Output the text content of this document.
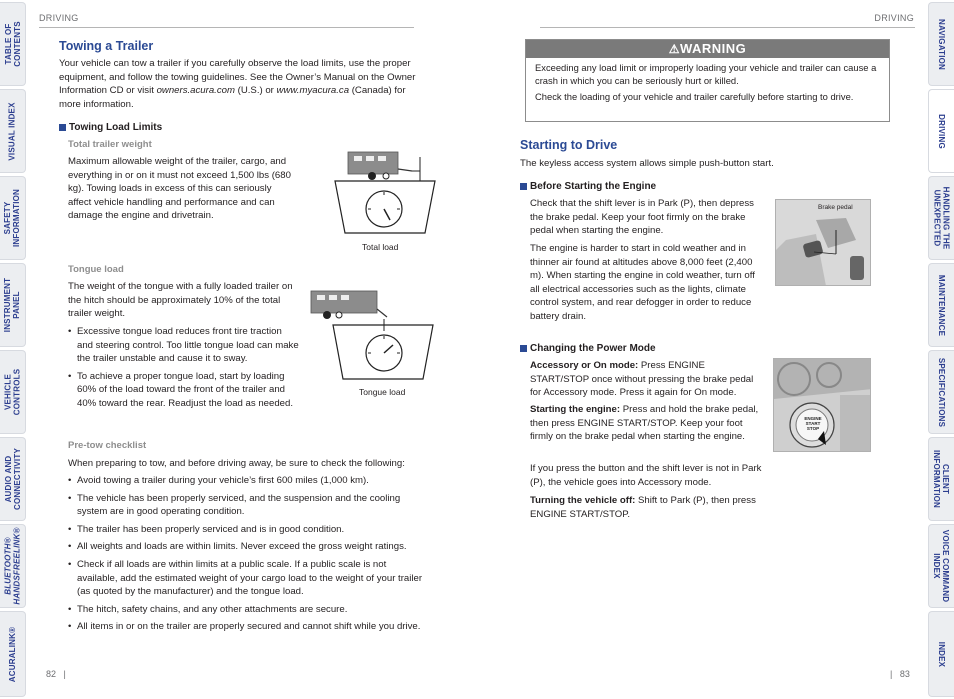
TABLE OF
CONTENTS
VISUAL INDEX
SAFETY
INFORMATION
INSTRUMENT
PANEL
VEHICLE
CONTROLS
AUDIO AND
CONNECTIVITY
BLUETOOTH®
HANDSFREELINK®
ACURALINK®
NAVIGATION
DRIVING
HANDLING THE
UNEXPECTED
MAINTENANCE
SPECIFICATIONS
CLIENT
INFORMATION
VOICE COMMAND
INDEX
INDEX
DRIVING	DRIVING
Towing a Trailer

Your vehicle can tow a trailer if you carefully observe the load limits, use the proper equipment, and follow the towing guidelines. See the Owner’s Manual on the Owner Information CD or visit owners.acura.com (U.S.) or www.myacura.ca (Canada) for more information.

Towing Load Limits
Total trailer weight

Maximum allowable weight of the trailer, cargo, and everything in or on it must not exceed 1,500 lbs (680 kg). Towing loads in excess of this can seriously affect vehicle handling and performance and can damage the engine and drivetrain.

Total load
Tongue load

The weight of the tongue with a fully loaded trailer on the hitch should be approximately 10% of the total trailer weight.

• Excessive tongue load reduces front tire traction and steering control. Too little tongue load can make the trailer unstable and cause it to sway.
• To achieve a proper tongue load, start by loading 60% of the load toward the front of the trailer and 40% toward the rear. Readjust the load as needed.
Tongue load
Pre-tow checklist

When preparing to tow, and before driving away, be sure to check the following:

• Avoid towing a trailer during your vehicle’s first 600 miles (1,000 km).
• The vehicle has been properly serviced, and the suspension and the cooling system are in good operating condition.
• The trailer has been properly serviced and is in good condition.
• All weights and loads are within limits. Never exceed the gross weight ratings.
• Check if all loads are within limits at a public scale. If a public scale is not available, add the estimated weight of your cargo load to the weight of your trailer (as quoted by the manufacturer) and the tongue load.
• The hitch, safety chains, and any other attachments are secure.
• All items in or on the trailer are properly secured and cannot shift while you drive.
82   |
⚠WARNING

Exceeding any load limit or improperly loading your vehicle and trailer can cause a crash in which you can be seriously hurt or killed.

Check the loading of your vehicle and trailer carefully before starting to drive.

Starting to Drive

The keyless access system allows simple push-button start.

Before Starting the Engine

Check that the shift lever is in Park (P), then depress the brake pedal. Keep your foot firmly on the brake pedal when starting the engine.

The engine is harder to start in cold weather and in thinner air found at altitudes above 8,000 feet (2,400 m). When starting the engine in cold weather, turn off all electrical accessories such as the lights, climate control system, and rear defogger in order to reduce battery drain.

Brake pedal
Changing the Power Mode

Accessory or On mode: Press ENGINE START/STOP once without pressing the brake pedal for Accessory mode. Press it again for On mode.

Starting the engine: Press and hold the brake pedal, then press ENGINE START/STOP. Keep your foot firmly on the brake pedal when starting the engine.

If you press the button and the shift lever is not in Park (P), the vehicle goes into Accessory mode.

Turning the vehicle off: Shift to Park (P), then press ENGINE START/STOP.

ENGINE START STOP
|   83
